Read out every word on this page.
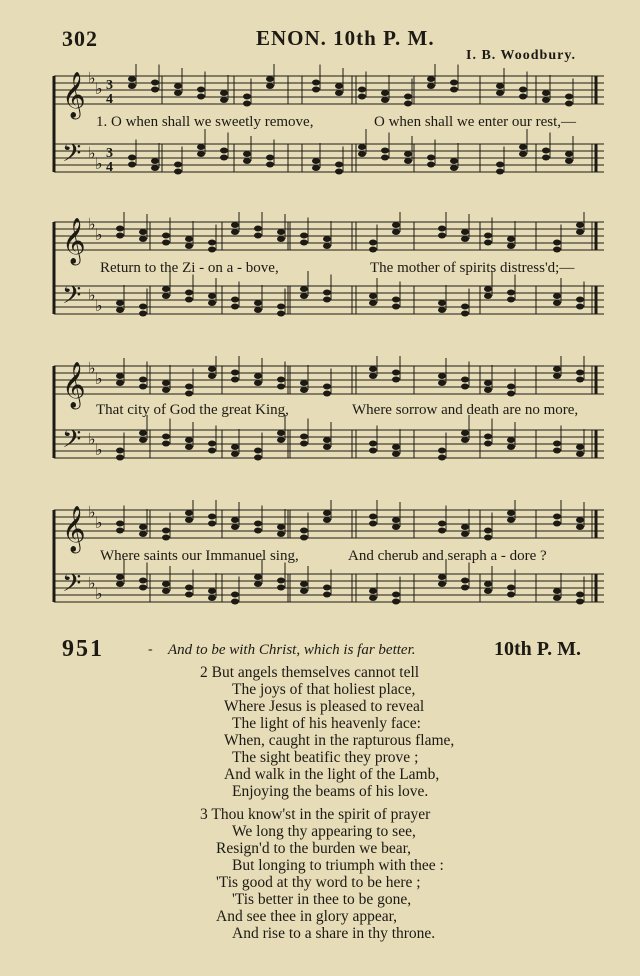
302	ENON. 10th P. M.
I. B. Woodbury.
𝄞
𝄢
♭
♭
♭
♭
3
4
3
4
1. O when shall we sweetly remove,	O when shall we enter our rest,—
𝄞
𝄢
♭
♭
♭
♭
Return to the Zi - on a - bove,	The mother of spirits distress'd;—
𝄞
𝄢
♭
♭
♭
♭
That city of God the great King,	Where sorrow and death are no more,
𝄞
𝄢
♭
♭
♭
♭
Where saints our Immanuel sing,	And cherub and seraph a - dore ?
951	- And to be with Christ, which is far better.	10th P. M.
2 But angels themselves cannot tell
The joys of that holiest place,
Where Jesus is pleased to reveal
The light of his heavenly face:
When, caught in the rapturous flame,
The sight beatific they prove ;
And walk in the light of the Lamb,
Enjoying the beams of his love.
3 Thou know'st in the spirit of prayer
We long thy appearing to see,
Resign'd to the burden we bear,
But longing to triumph with thee :
'Tis good at thy word to be here ;
'Tis better in thee to be gone,
And see thee in glory appear,
And rise to a share in thy throne.
